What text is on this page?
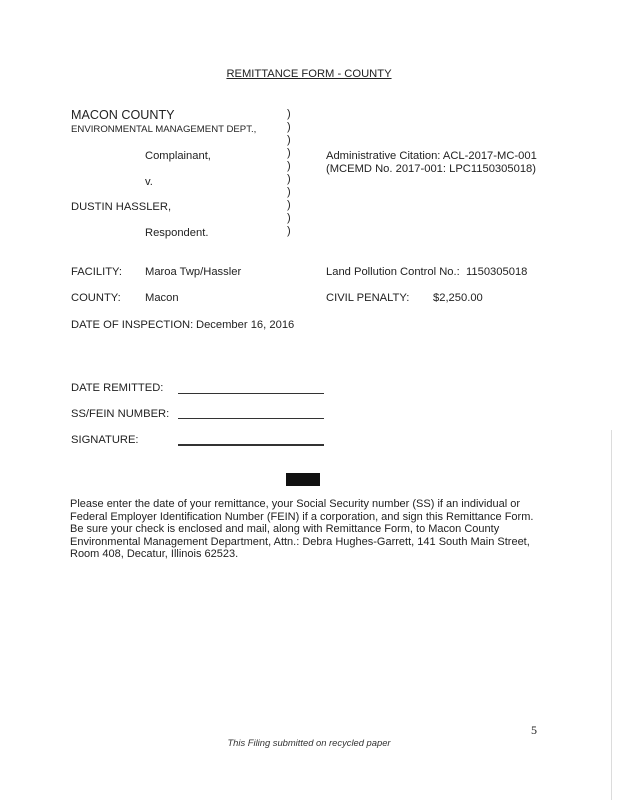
REMITTANCE FORM - COUNTY
MACON COUNTY
ENVIRONMENTAL MANAGEMENT DEPT.,
Complainant,
v.
DUSTIN HASSLER,
Respondent.
)
)
)
)
)
)
)
)
)
)
Administrative Citation: ACL-2017-MC-001
(MCEMD No. 2017-001: LPC1150305018)
FACILITY: Maroa Twp/Hassler	Land Pollution Control No.: 1150305018
COUNTY: Macon	CIVIL PENALTY: $2,250.00
DATE OF INSPECTION: December 16, 2016
DATE REMITTED:
SS/FEIN NUMBER:
SIGNATURE:
Please enter the date of your remittance, your Social Security number (SS) if an individual or
Federal Employer Identification Number (FEIN) if a corporation, and sign this Remittance Form.
Be sure your check is enclosed and mail, along with Remittance Form, to Macon County
Environmental Management Department, Attn.: Debra Hughes-Garrett, 141 South Main Street,
Room 408, Decatur, Illinois 62523.
5
This Filing submitted on recycled paper
